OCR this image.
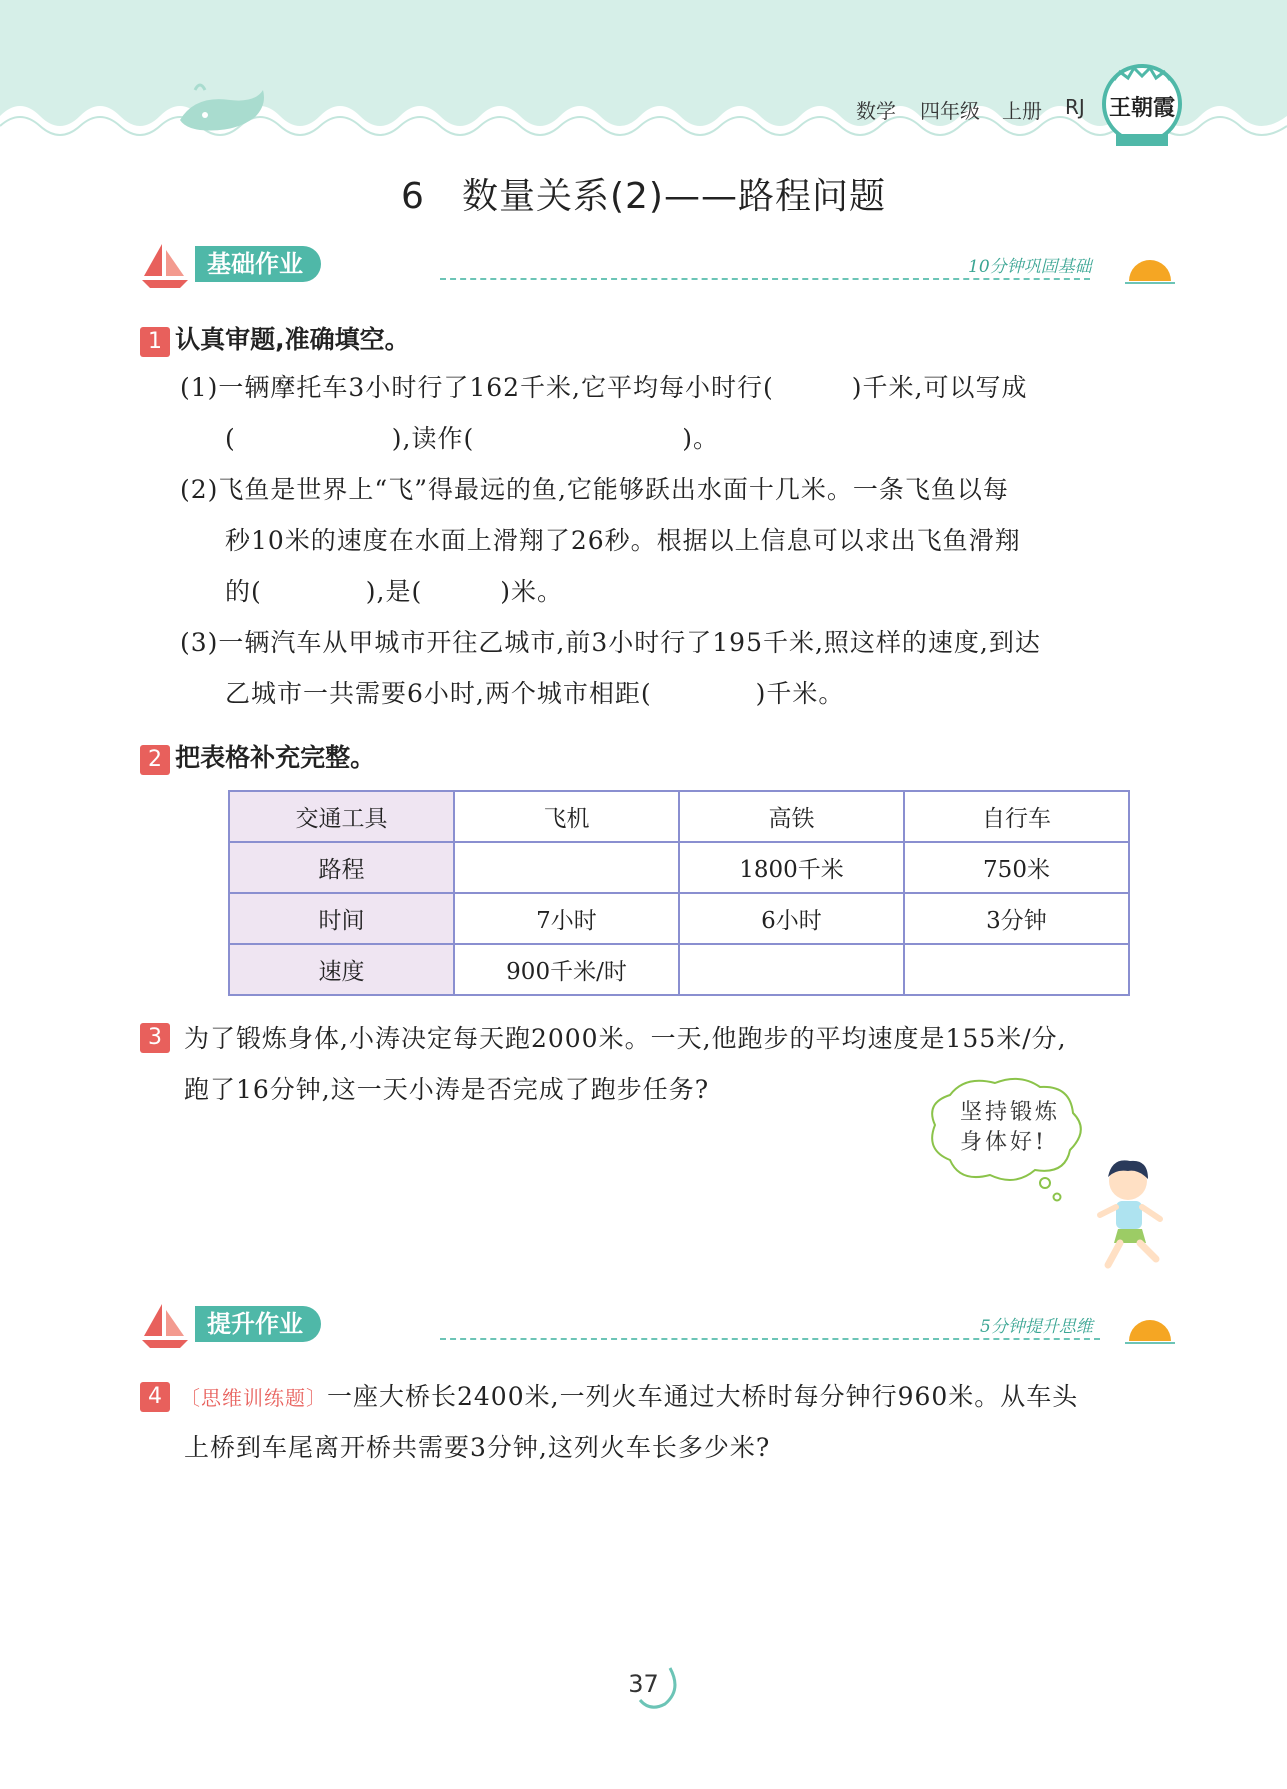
数学 四年级 上册 RJ	王朝霞
6　数量关系(2)——路程问题
基础作业	10分钟巩固基础
1 认真审题,准确填空。
(1)一辆摩托车3小时行了162千米,它平均每小时行(　　　)千米,可以写成
(　　　　　　),读作(　　　　　　　　)。
(2)飞鱼是世界上“飞”得最远的鱼,它能够跃出水面十几米。一条飞鱼以每
秒10米的速度在水面上滑翔了26秒。根据以上信息可以求出飞鱼滑翔
的(　　　　),是(　　　)米。
(3)一辆汽车从甲城市开往乙城市,前3小时行了195千米,照这样的速度,到达
乙城市一共需要6小时,两个城市相距(　　　　)千米。
2 把表格补充完整。
交通工具	飞机	高铁	自行车
路程		1800千米	750米
时间	7小时	6小时	3分钟
速度	900千米/时		
3 为了锻炼身体,小涛决定每天跑2000米。一天,他跑步的平均速度是155米/分,
跑了16分钟,这一天小涛是否完成了跑步任务?
坚持锻炼
身体好!
提升作业	5分钟提升思维
4 〔思维训练题〕一座大桥长2400米,一列火车通过大桥时每分钟行960米。从车头
上桥到车尾离开桥共需要3分钟,这列火车长多少米?
37
